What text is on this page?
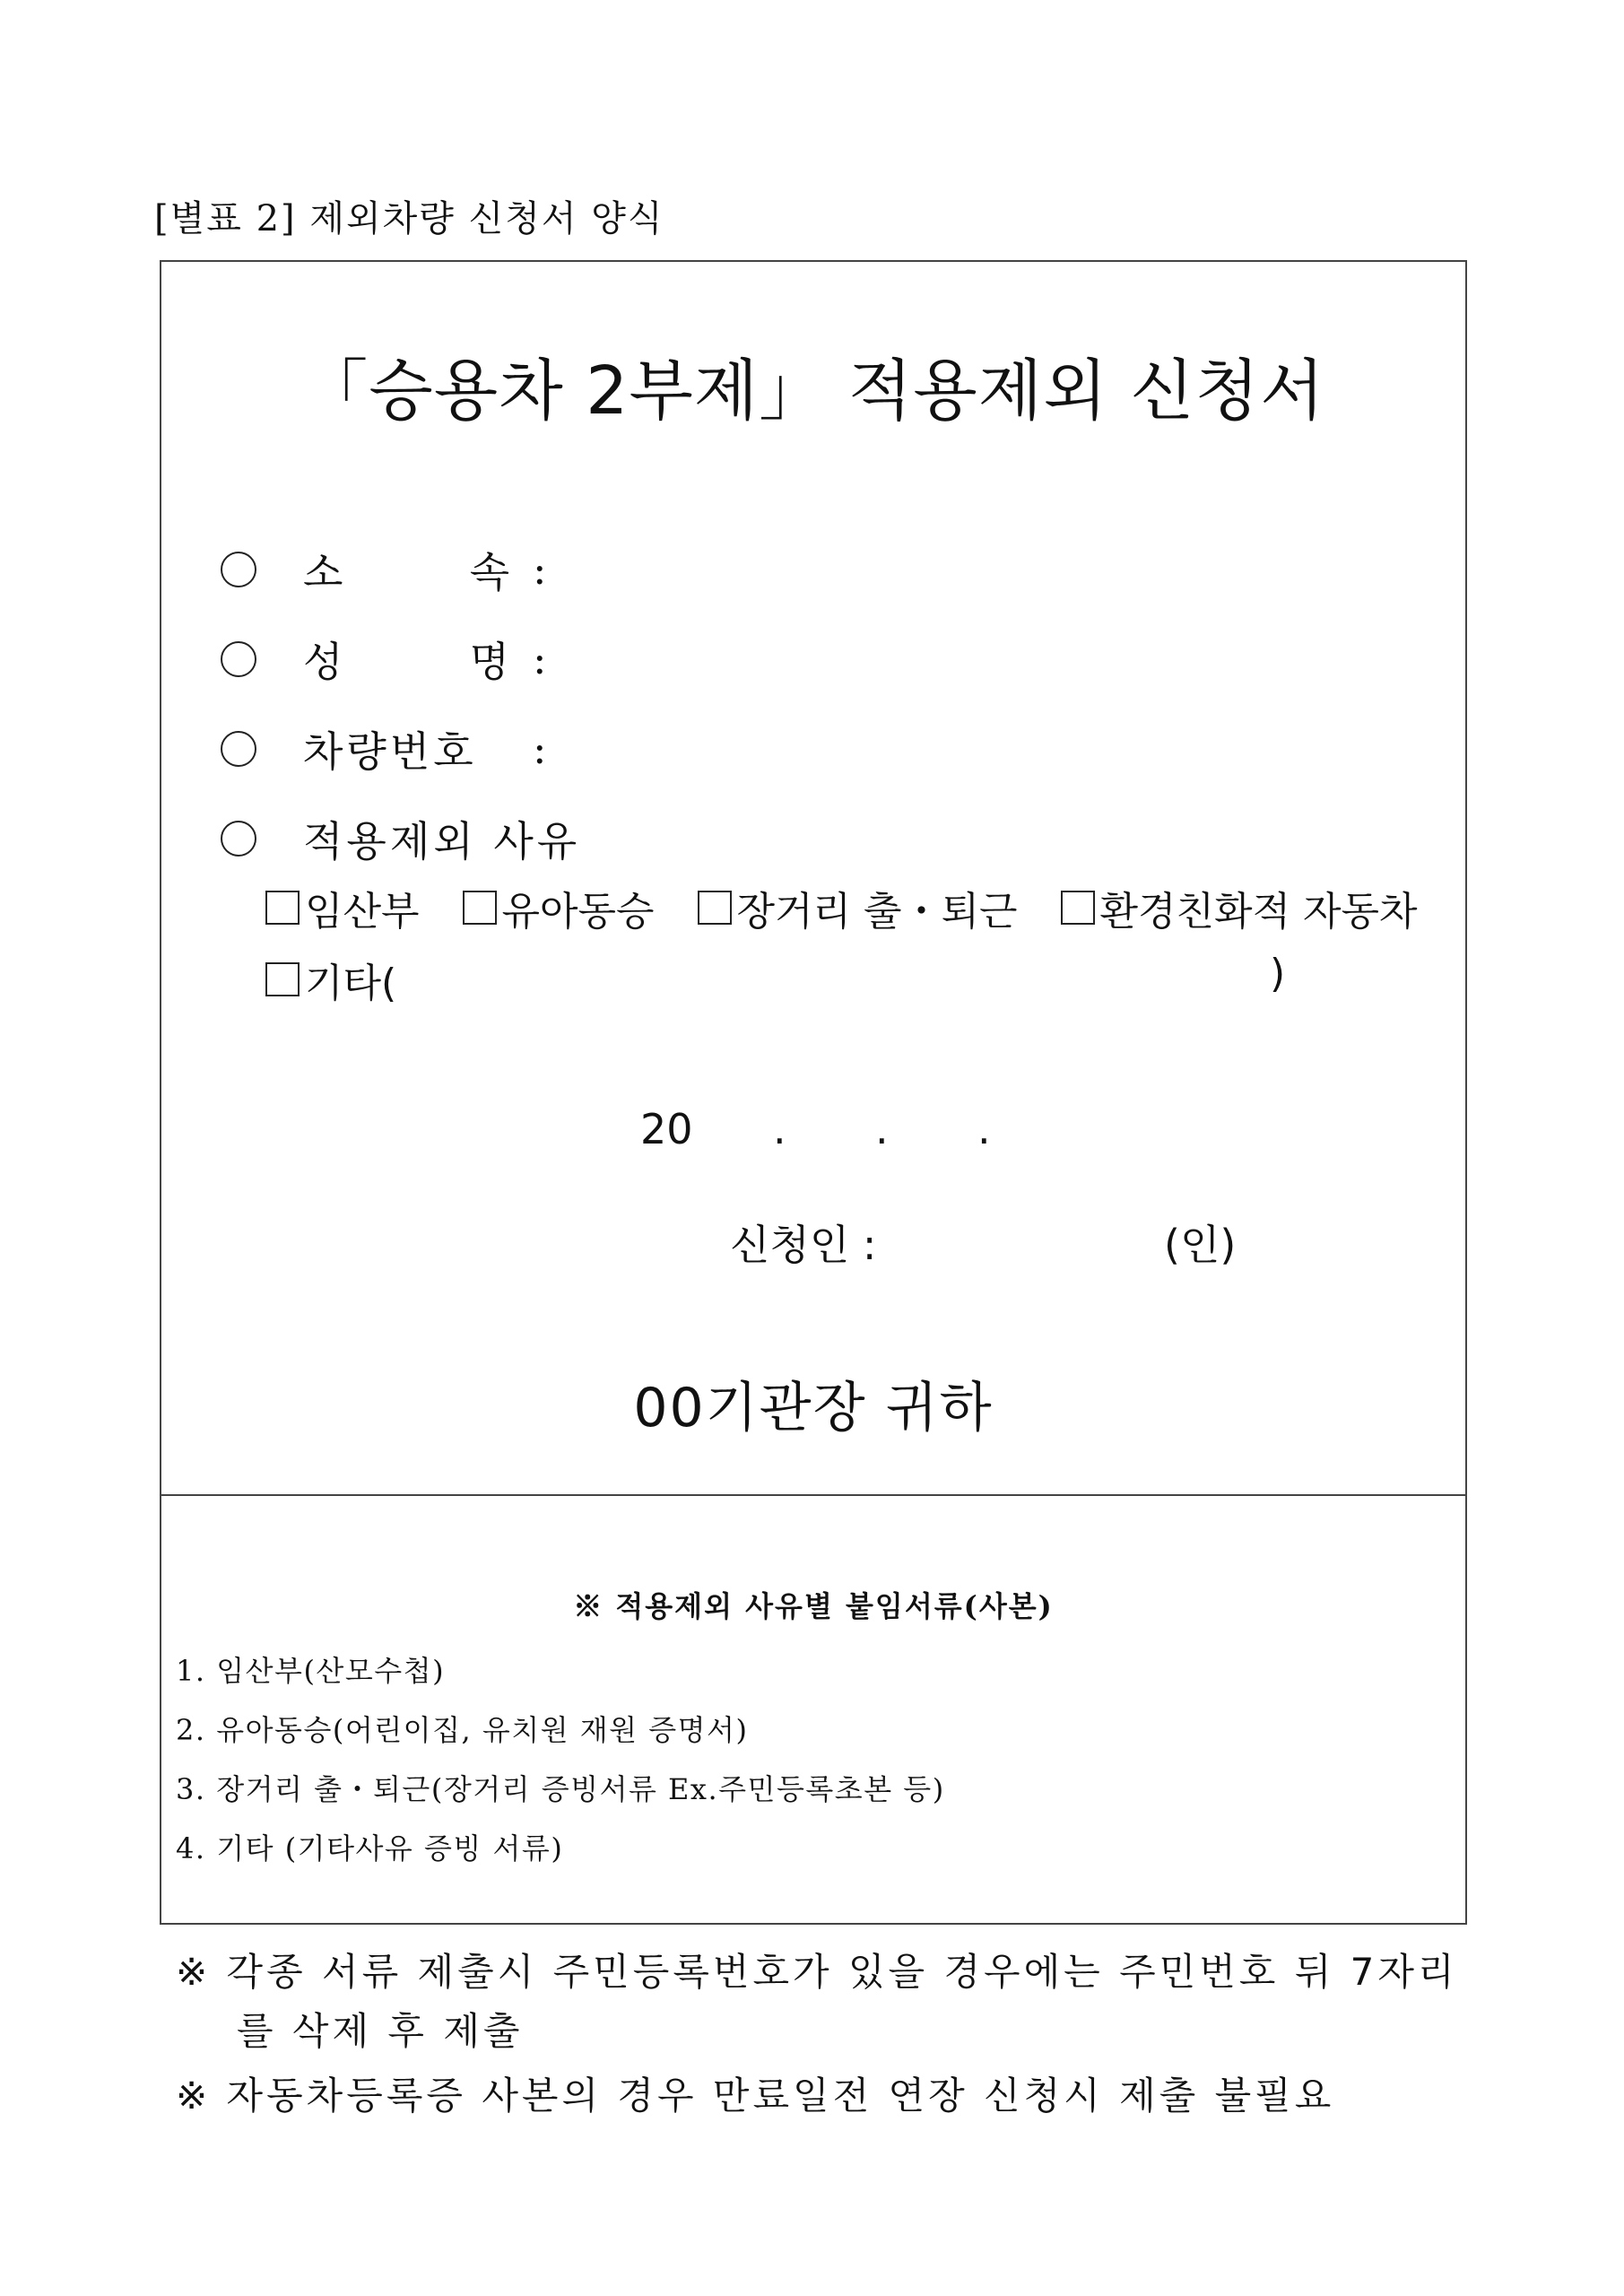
[별표 2] 제외차량 신청서 양식
「승용차 2부제」 적용제외 신청서
소	속 :
성	명 :
차량번호	:
적용제외 사유
임산부 유아동승 장거리 출・퇴근 환경친화적 자동차
기타(	)
20 . . .
신청인 :	(인)
00기관장 귀하
※ 적용제외 사유별 붙임서류(사본)
1. 임산부(산모수첩)
2. 유아동승(어린이집, 유치원 재원 증명서)
3. 장거리 출・퇴근(장거리 증빙서류 Ex.주민등록초본 등)
4. 기타 (기타사유 증빙 서류)
※ 각종 서류 제출시 주민등록번호가 있을 경우에는 주민번호 뒤 7자리
를 삭제 후 제출
※ 자동차등록증 사본의 경우 만료일전 연장 신청시 제출 불필요
